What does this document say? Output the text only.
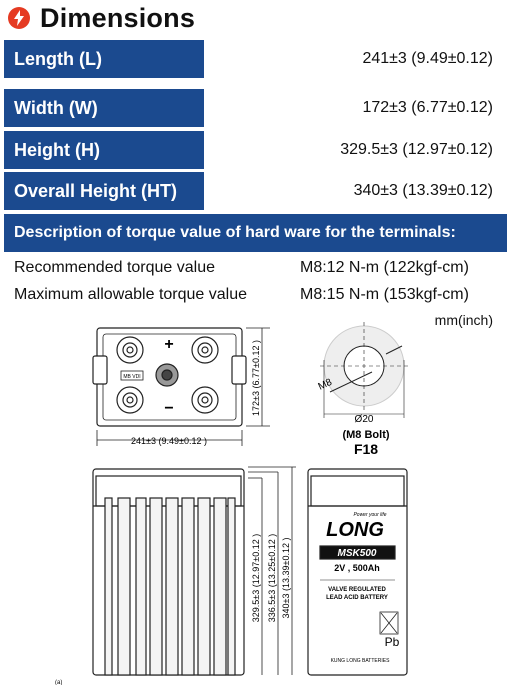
Dimensions
Length (L)	241±3 (9.49±0.12)
Width (W)	172±3 (6.77±0.12)
Height (H)	329.5±3 (12.97±0.12)
Overall Height (HT)	340±3 (13.39±0.12)
Description of torque value of hard ware for the terminals:
Recommended torque value	M8:12 N-m (122kgf-cm)
Maximum allowable torque value	M8:15 N-m (153kgf-cm)
mm(inch)
+
−
MB VDI
241±3 (9.49±0.12 )
172±3 (6.77±0.12 )	M8
Ø20
(M8 Bolt)
F18
329.5±3 (12.97±0.12 ) 336.5±3 (13.25±0.12 ) 340±3 (13.39±0.12 )
LONG
Power your life
MSK500
2V , 500Ah
VALVE REGULATED
LEAD ACID BATTERY
Pb
KUNG LONG BATTERIES
(a)
